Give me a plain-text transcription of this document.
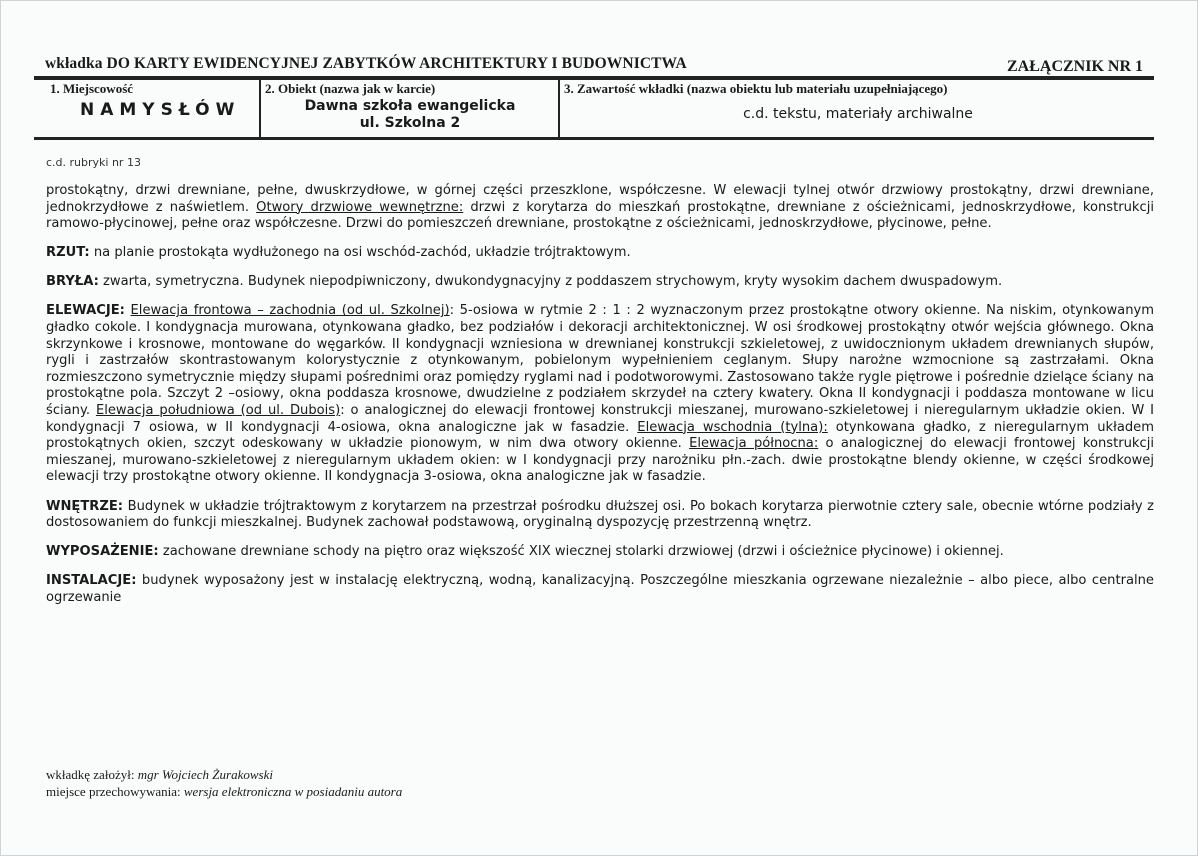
wkładka DO KARTY EWIDENCYJNEJ ZABYTKÓW ARCHITEKTURY I BUDOWNICTWA	ZAŁĄCZNIK NR 1
1. Miejscowość
NAMYSŁÓW
2. Obiekt (nazwa jak w karcie)
Dawna szkoła ewangelicka
ul. Szkolna 2
3. Zawartość wkładki (nazwa obiektu lub materiału uzupełniającego)
c.d. tekstu, materiały archiwalne
c.d. rubryki nr 13

prostokątny, drzwi drewniane, pełne, dwuskrzydłowe, w górnej części przeszklone, współczesne. W elewacji tylnej otwór drzwiowy prostokątny, drzwi drewniane, jednokrzydłowe z naświetlem. Otwory drzwiowe wewnętrzne: drzwi z korytarza do mieszkań prostokątne, drewniane z ościeżnicami, jednoskrzydłowe, konstrukcji ramowo-płycinowej, pełne oraz współczesne. Drzwi do pomieszczeń drewniane, prostokątne z ościeżnicami, jednoskrzydłowe, płycinowe, pełne.

RZUT: na planie prostokąta wydłużonego na osi wschód-zachód, układzie trójtraktowym.

BRYŁA: zwarta, symetryczna. Budynek niepodpiwniczony, dwukondygnacyjny z poddaszem strychowym, kryty wysokim dachem dwuspadowym.

ELEWACJE: Elewacja frontowa – zachodnia (od ul. Szkolnej): 5-osiowa w rytmie 2 : 1 : 2 wyznaczonym przez prostokątne otwory okienne. Na niskim, otynkowanym gładko cokole. I kondygnacja murowana, otynkowana gładko, bez podziałów i dekoracji architektonicznej. W osi środkowej prostokątny otwór wejścia głównego. Okna skrzynkowe i krosnowe, montowane do węgarków. II kondygnacji wzniesiona w drewnianej konstrukcji szkieletowej, z uwidocznionym układem drewnianych słupów, rygli i zastrzałów skontrastowanym kolorystycznie z otynkowanym, pobielonym wypełnieniem ceglanym. Słupy narożne wzmocnione są zastrzałami. Okna rozmieszczono symetrycznie między słupami pośrednimi oraz pomiędzy ryglami nad i podotworowymi. Zastosowano także rygle piętrowe i pośrednie dzielące ściany na prostokątne pola. Szczyt 2 –osiowy, okna poddasza krosnowe, dwudzielne z podziałem skrzydeł na cztery kwatery. Okna II kondygnacji i poddasza montowane w licu ściany. Elewacja południowa (od ul. Dubois): o analogicznej do elewacji frontowej konstrukcji mieszanej, murowano-szkieletowej i nieregularnym układzie okien. W I kondygnacji 7 osiowa, w II kondygnacji 4-osiowa, okna analogiczne jak w fasadzie. Elewacja wschodnia (tylna): otynkowana gładko, z nieregularnym układem prostokątnych okien, szczyt odeskowany w układzie pionowym, w nim dwa otwory okienne. Elewacja północna: o analogicznej do elewacji frontowej konstrukcji mieszanej, murowano-szkieletowej z nieregularnym układem okien: w I kondygnacji przy narożniku płn.-zach. dwie prostokątne blendy okienne, w części środkowej elewacji trzy prostokątne otwory okienne. II kondygnacja 3-osiowa, okna analogiczne jak w fasadzie.

WNĘTRZE: Budynek w układzie trójtraktowym z korytarzem na przestrzał pośrodku dłuższej osi. Po bokach korytarza pierwotnie cztery sale, obecnie wtórne podziały z dostosowaniem do funkcji mieszkalnej. Budynek zachował podstawową, oryginalną dyspozycję przestrzenną wnętrz.

WYPOSAŻENIE: zachowane drewniane schody na piętro oraz większość XIX wiecznej stolarki drzwiowej (drzwi i ościeżnice płycinowe) i okiennej.

INSTALACJE: budynek wyposażony jest w instalację elektryczną, wodną, kanalizacyjną. Poszczególne mieszkania ogrzewane niezależnie – albo piece, albo centralne ogrzewanie

wkładkę założył: mgr Wojciech Żurakowski
miejsce przechowywania: wersja elektroniczna w posiadaniu autora
